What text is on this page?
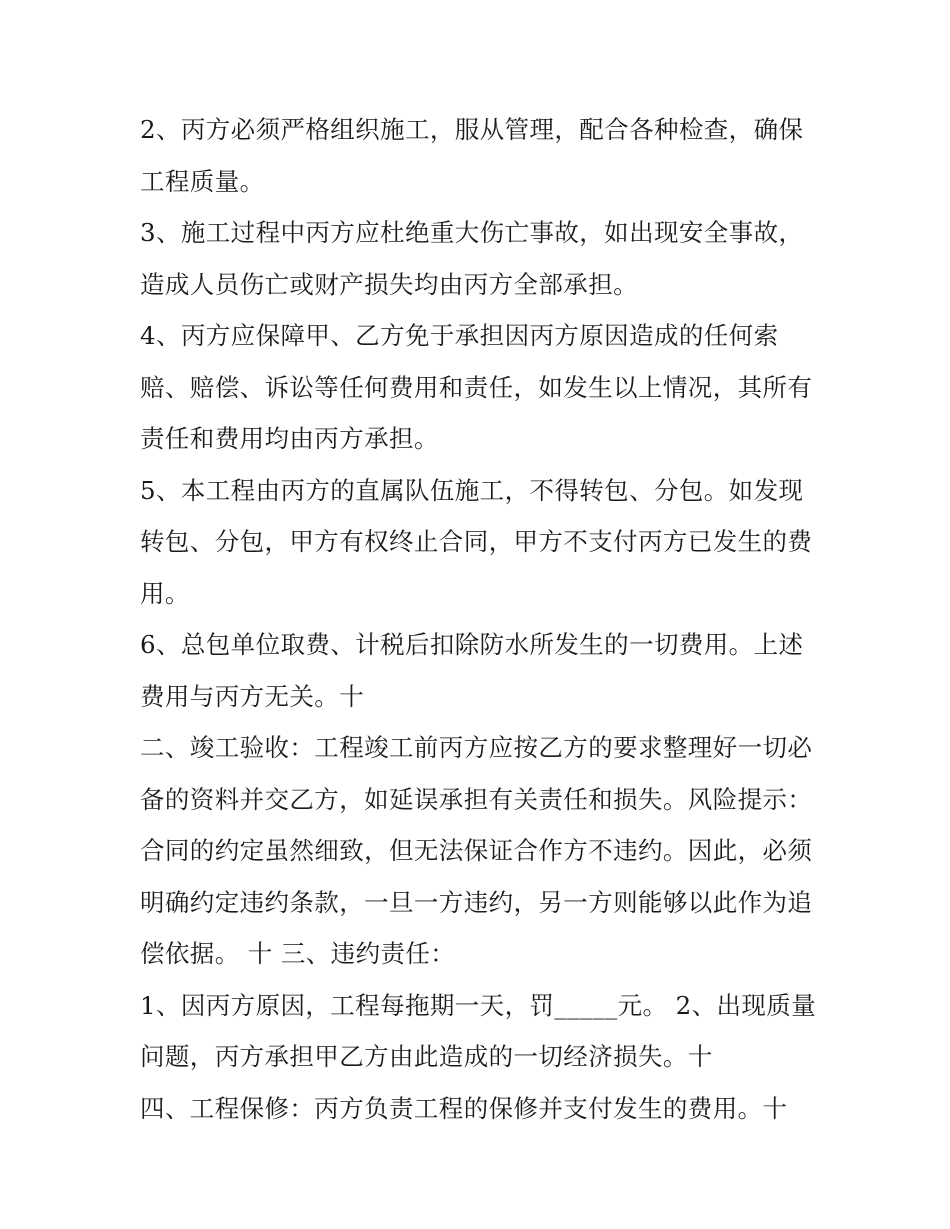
2、丙方必须严格组织施工，服从管理，配合各种检查，确保
工程质量。
3、施工过程中丙方应杜绝重大伤亡事故，如出现安全事故，
造成人员伤亡或财产损失均由丙方全部承担。
4、丙方应保障甲、乙方免于承担因丙方原因造成的任何索
赔、赔偿、诉讼等任何费用和责任，如发生以上情况，其所有
责任和费用均由丙方承担。
5、本工程由丙方的直属队伍施工，不得转包、分包。如发现
转包、分包，甲方有权终止合同，甲方不支付丙方已发生的费
用。
6、总包单位取费、计税后扣除防水所发生的一切费用。上述
费用与丙方无关。十
二、竣工验收：工程竣工前丙方应按乙方的要求整理好一切必
备的资料并交乙方，如延误承担有关责任和损失。风险提示：
合同的约定虽然细致，但无法保证合作方不违约。因此，必须
明确约定违约条款，一旦一方违约，另一方则能够以此作为追
偿依据。 十 三、违约责任：
1、因丙方原因，工程每拖期一天，罚_____元。 2、出现质量
问题，丙方承担甲乙方由此造成的一切经济损失。十
四、工程保修：丙方负责工程的保修并支付发生的费用。十
